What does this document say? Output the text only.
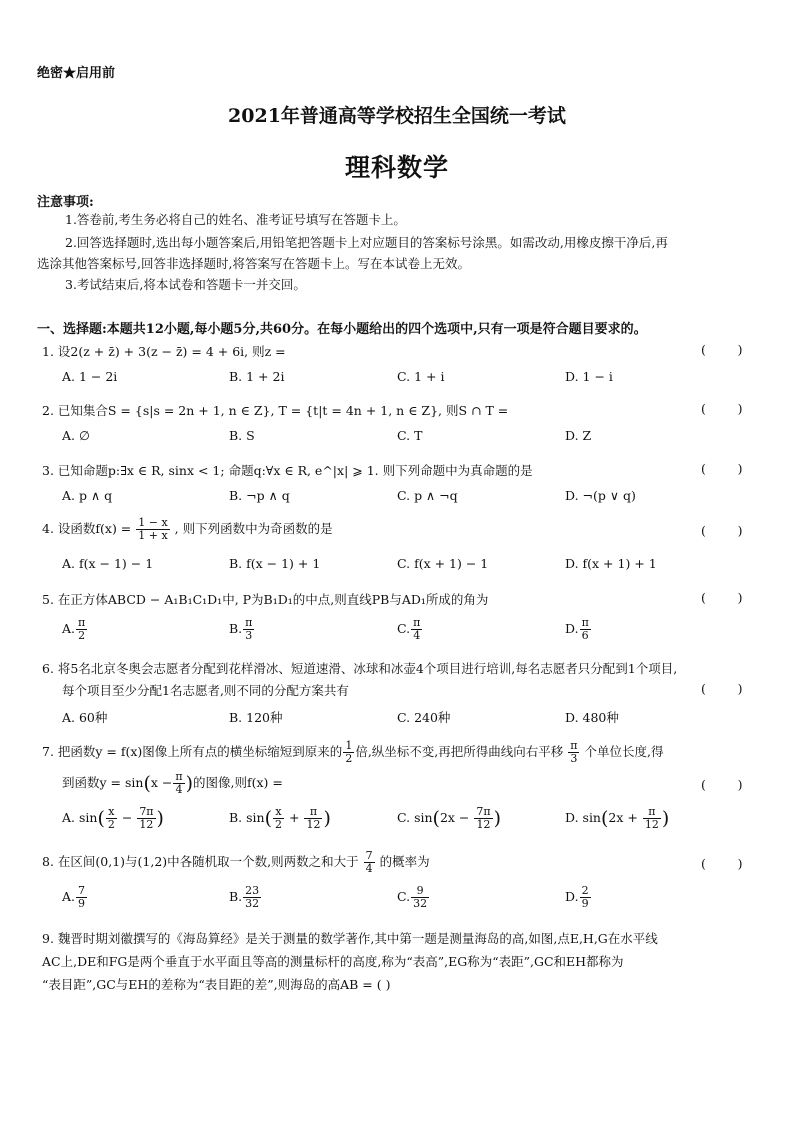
绝密★启用前
2021年普通高等学校招生全国统一考试
理科数学
注意事项:
1.答卷前,考生务必将自己的姓名、准考证号填写在答题卡上。
2.回答选择题时,选出每小题答案后,用铅笔把答题卡上对应题目的答案标号涂黑。如需改动,用橡皮擦干净后,再
选涂其他答案标号,回答非选择题时,将答案写在答题卡上。写在本试卷上无效。
3.考试结束后,将本试卷和答题卡一并交回。
一、选择题:本题共12小题,每小题5分,共60分。在每小题给出的四个选项中,只有一项是符合题目要求的。
1. 设2(z + z̄) + 3(z − z̄) = 4 + 6i, 则z =	(        )
A. 1 − 2i	B. 1 + 2i	C. 1 + i	D. 1 − i
2. 已知集合S = {s|s = 2n + 1, n ∈ Z}, T = {t|t = 4n + 1, n ∈ Z}, 则S ∩ T =	(        )
A. ∅	B. S	C. T	D. Z
3. 已知命题p:∃x ∈ R, sinx < 1; 命题q:∀x ∈ R, e^|x| ⩾ 1. 则下列命题中为真命题的是	(        )
A. p ∧ q	B. ¬p ∧ q	C. p ∧ ¬q	D. ¬(p ∨ q)
4. 设函数$f(x) = \frac{1 - x}{1 + x}$ , 则下列函数中为奇函数的是	(        )
A. f(x − 1) − 1	B. f(x − 1) + 1	C. f(x + 1) − 1	D. f(x + 1) + 1
5. 在正方体ABCD − A₁B₁C₁D₁中, P为B₁D₁的中点,则直线PB与AD₁所成的角为	(        )
A. $\frac{\pi}{2}$	B. $\frac{\pi}{3}$	C. $\frac{\pi}{4}$	D. $\frac{\pi}{6}$
6. 将5名北京冬奥会志愿者分配到花样滑冰、短道速滑、冰球和冰壶4个项目进行培训,每名志愿者只分配到1个项目,
每个项目至少分配1名志愿者,则不同的分配方案共有	(        )
A. 60种	B. 120种	C. 240种	D. 480种
7. 把函数y = f(x)图像上所有点的横坐标缩短到原来的 $\frac{1}{2}$ 倍,纵坐标不变,再把所得曲线向右平移 $\frac{\pi}{3}$ 个单位长度,得
到函数$y = \sin(x - \frac{\pi}{4}$ )的图像,则f(x) =	(        )
A. $\sin( \frac{x}{2} - \frac{7\pi}{12}$ )	B. $\sin( \frac{x}{2} + \frac{\pi}{12}$ )	C. $\sin(2x - \frac{7\pi}{12}$ )	D. $\sin(2x + \frac{\pi}{12}$ )
8. 在区间(0,1)与(1,2)中各随机取一个数,则两数之和大于 $\frac{7}{4}$ 的概率为	(        )
A. $\frac{7}{9}$	B. $\frac{23}{32}$	C. $\frac{9}{32}$	D. $\frac{2}{9}$
9. 魏晋时期刘徽撰写的《海岛算经》是关于测量的数学著作,其中第一题是测量海岛的高,如图,点E,H,G在水平线
AC上,DE和FG是两个垂直于水平面且等高的测量标杆的高度,称为“表高”,EG称为“表距”,GC和EH都称为
“表目距”,GC与EH的差称为“表目距的差”,则海岛的高AB = ( )
